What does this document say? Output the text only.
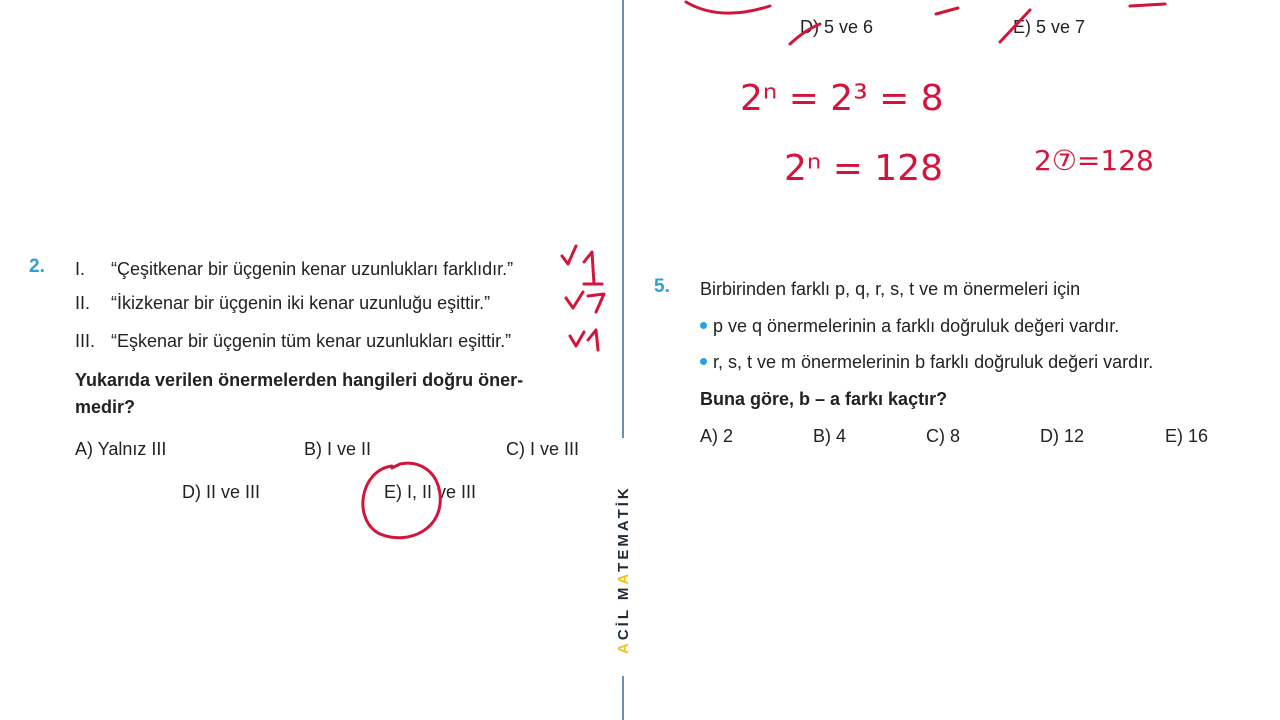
ACİL MATEMATİK
D) 5 ve 6	E) 5 ve 7
2. I. “Çeşitkenar bir üçgenin kenar uzunlukları farklıdır.”
II. “İkizkenar bir üçgenin iki kenar uzunluğu eşittir.”
III. “Eşkenar bir üçgenin tüm kenar uzunlukları eşittir.”
Yukarıda verilen önermelerden hangileri doğru öner-
medir?
A) Yalnız III	B) I ve II	C) I ve III
D) II ve III	E) I, II ve III
5. Birbirinden farklı p, q, r, s, t ve m önermeleri için
p ve q önermelerinin a farklı doğruluk değeri vardır.
r, s, t ve m önermelerinin b farklı doğruluk değeri vardır.
Buna göre, b – a farkı kaçtır?
A) 2	B) 4	C) 8	D) 12	E) 16
2ⁿ = 2³ = 8
2ⁿ = 128	2⑦=128
